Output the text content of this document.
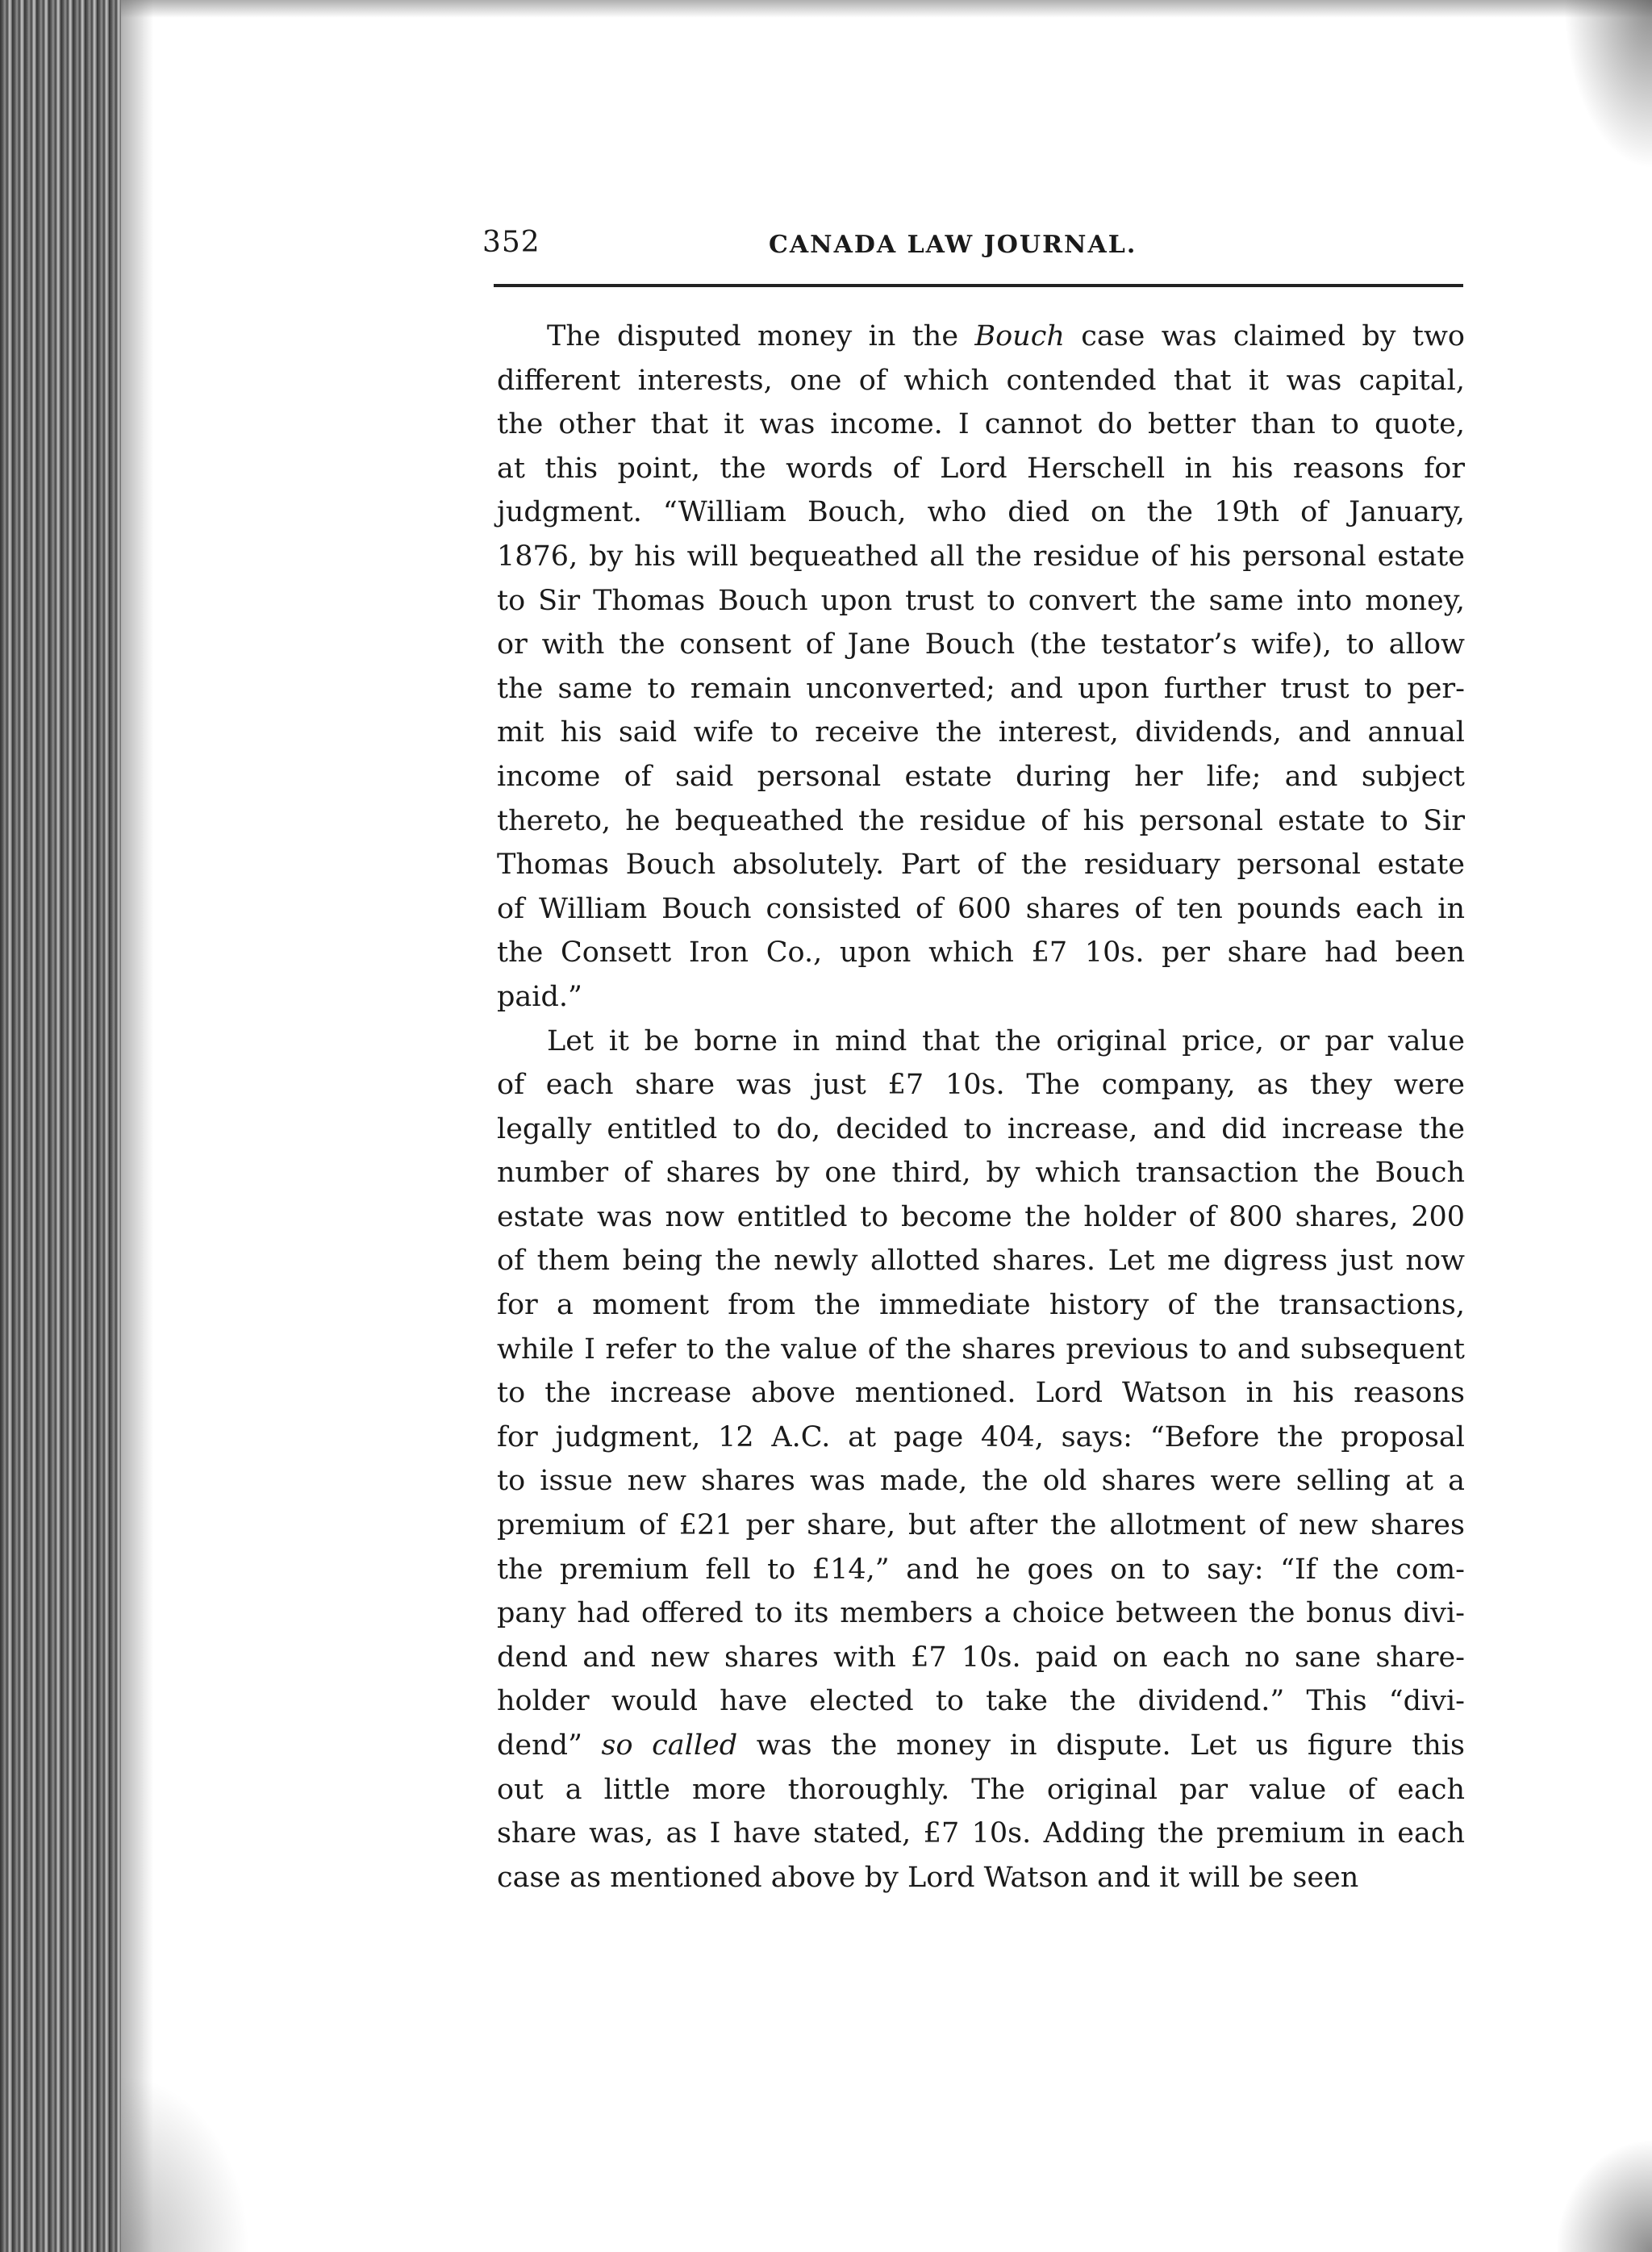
352	CANADA LAW JOURNAL.
The disputed money in the Bouch case was claimed by two
different interests, one of which contended that it was capital,
the other that it was income. I cannot do better than to quote,
at this point, the words of Lord Herschell in his reasons for
judgment. “William Bouch, who died on the 19th of January,
1876, by his will bequeathed all the residue of his personal estate
to Sir Thomas Bouch upon trust to convert the same into money,
or with the consent of Jane Bouch (the testator’s wife), to allow
the same to remain unconverted; and upon further trust to per-
mit his said wife to receive the interest, dividends, and annual
income of said personal estate during her life; and subject
thereto, he bequeathed the residue of his personal estate to Sir
Thomas Bouch absolutely. Part of the residuary personal estate
of William Bouch consisted of 600 shares of ten pounds each in
the Consett Iron Co., upon which £7 10s. per share had been
paid.”
Let it be borne in mind that the original price, or par value
of each share was just £7 10s. The company, as they were
legally entitled to do, decided to increase, and did increase the
number of shares by one third, by which transaction the Bouch
estate was now entitled to become the holder of 800 shares, 200
of them being the newly allotted shares. Let me digress just now
for a moment from the immediate history of the transactions,
while I refer to the value of the shares previous to and subsequent
to the increase above mentioned. Lord Watson in his reasons
for judgment, 12 A.C. at page 404, says: “Before the proposal
to issue new shares was made, the old shares were selling at a
premium of £21 per share, but after the allotment of new shares
the premium fell to £14,” and he goes on to say: “If the com-
pany had offered to its members a choice between the bonus divi-
dend and new shares with £7 10s. paid on each no sane share-
holder would have elected to take the dividend.” This “divi-
dend” so called was the money in dispute. Let us figure this
out a little more thoroughly. The original par value of each
share was, as I have stated, £7 10s. Adding the premium in each
case as mentioned above by Lord Watson and it will be seen
